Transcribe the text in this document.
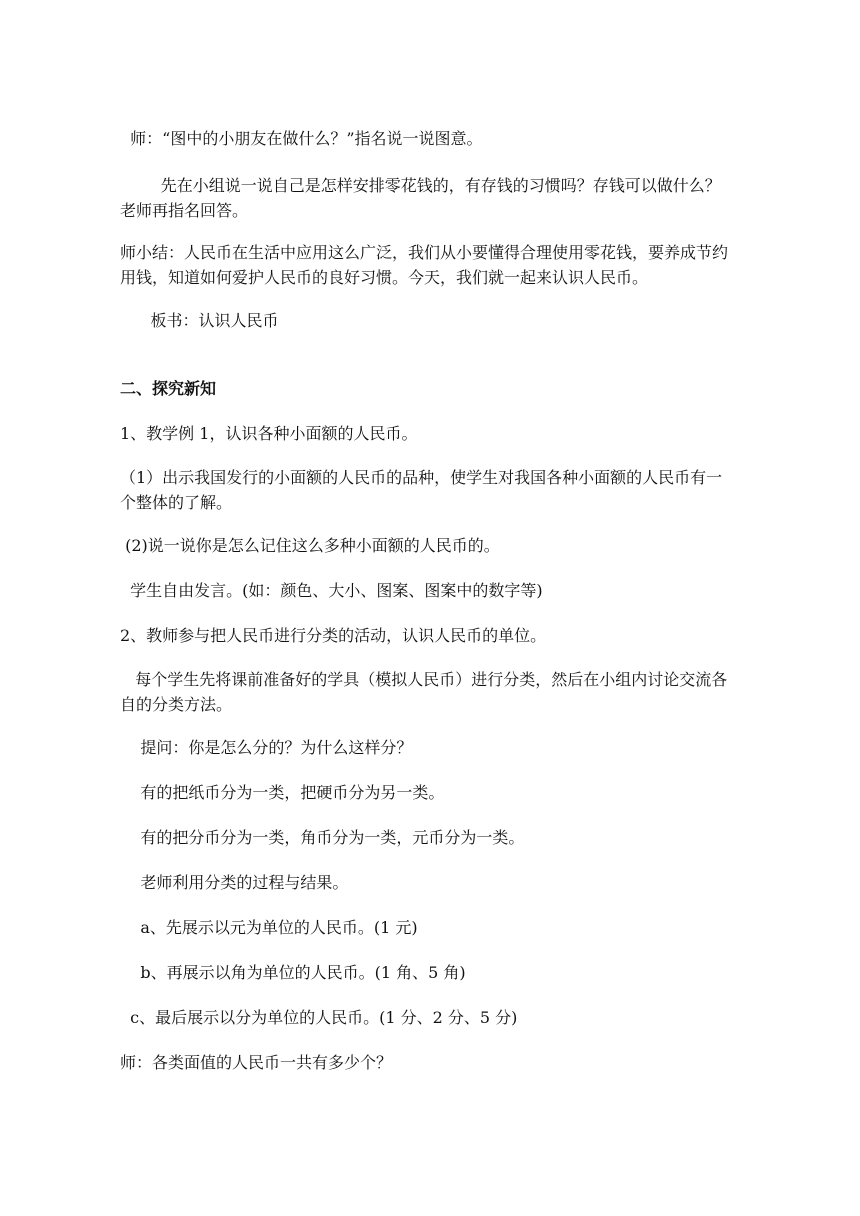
师：“图中的小朋友在做什么？”指名说一说图意。

先在小组说一说自己是怎样安排零花钱的，有存钱的习惯吗？存钱可以做什么？老师再指名回答。

师小结：人民币在生活中应用这么广泛，我们从小要懂得合理使用零花钱，要养成节约用钱，知道如何爱护人民币的良好习惯。今天，我们就一起来认识人民币。

板书：认识人民币

二、探究新知

1、教学例 1，认识各种小面额的人民币。

（1）出示我国发行的小面额的人民币的品种，使学生对我国各种小面额的人民币有一个整体的了解。

(2)说一说你是怎么记住这么多种小面额的人民币的。

学生自由发言。(如：颜色、大小、图案、图案中的数字等)

2、教师参与把人民币进行分类的活动，认识人民币的单位。

每个学生先将课前准备好的学具（模拟人民币）进行分类，然后在小组内讨论交流各自的分类方法。

提问：你是怎么分的？为什么这样分？

有的把纸币分为一类，把硬币分为另一类。

有的把分币分为一类，角币分为一类，元币分为一类。

老师利用分类的过程与结果。

a、先展示以元为单位的人民币。(1 元)

b、再展示以角为单位的人民币。(1 角、5 角)

c、最后展示以分为单位的人民币。(1 分、2 分、5 分)

师：各类面值的人民币一共有多少个？
